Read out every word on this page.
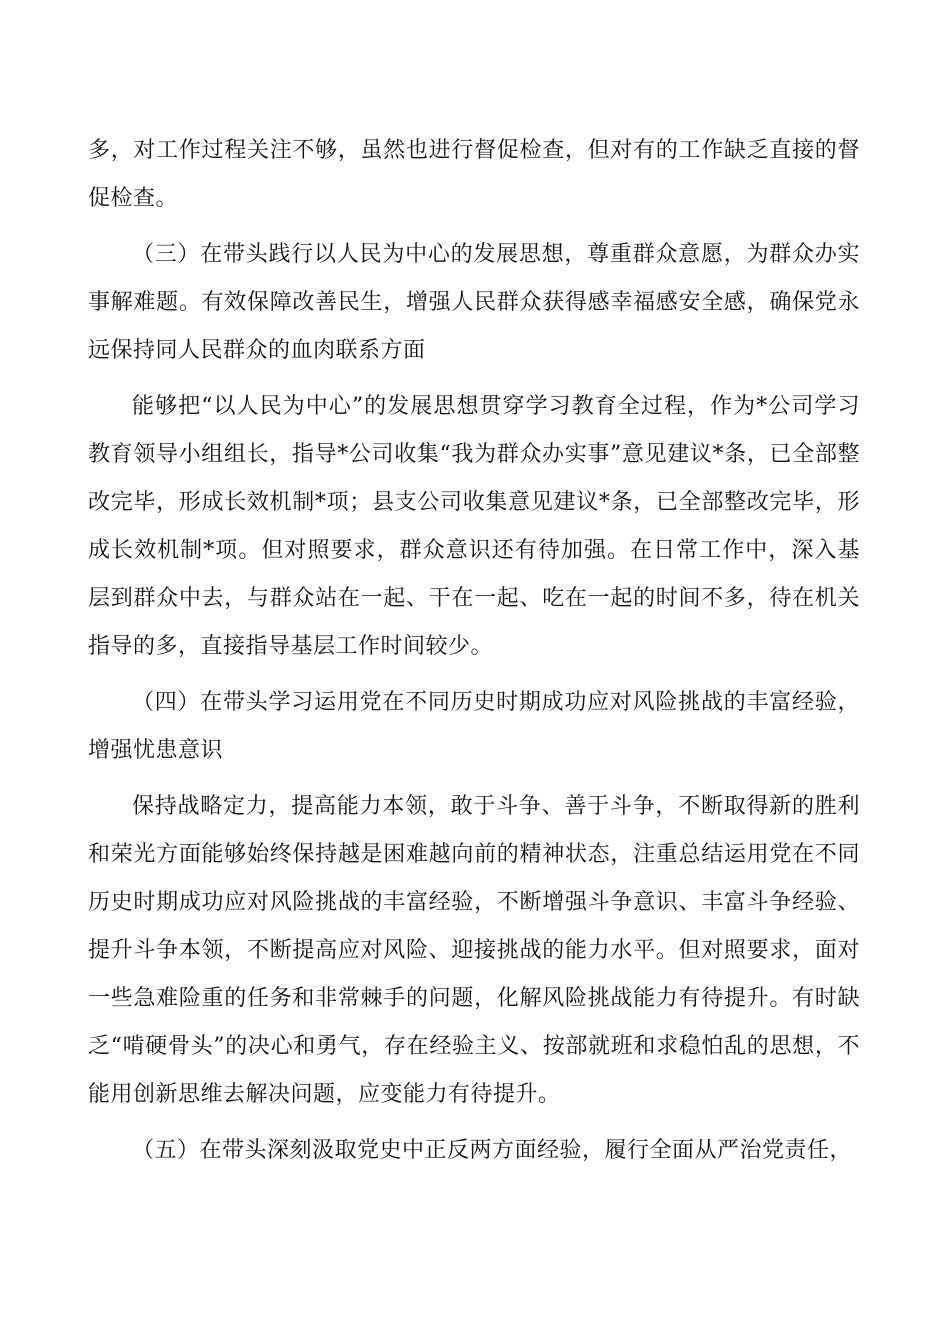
多，对工作过程关注不够，虽然也进行督促检查，但对有的工作缺乏直接的督促检查。

（三）在带头践行以人民为中心的发展思想，尊重群众意愿，为群众办实事解难题。有效保障改善民生，增强人民群众获得感幸福感安全感，确保党永远保持同人民群众的血肉联系方面

能够把“以人民为中心”的发展思想贯穿学习教育全过程，作为*公司学习教育领导小组组长，指导*公司收集“我为群众办实事”意见建议*条，已全部整改完毕，形成长效机制*项；县支公司收集意见建议*条，已全部整改完毕，形成长效机制*项。但对照要求，群众意识还有待加强。在日常工作中，深入基层到群众中去，与群众站在一起、干在一起、吃在一起的时间不多，待在机关指导的多，直接指导基层工作时间较少。

（四）在带头学习运用党在不同历史时期成功应对风险挑战的丰富经验，增强忧患意识

保持战略定力，提高能力本领，敢于斗争、善于斗争，不断取得新的胜利和荣光方面能够始终保持越是困难越向前的精神状态，注重总结运用党在不同历史时期成功应对风险挑战的丰富经验，不断增强斗争意识、丰富斗争经验、提升斗争本领，不断提高应对风险、迎接挑战的能力水平。但对照要求，面对一些急难险重的任务和非常棘手的问题，化解风险挑战能力有待提升。有时缺乏“啃硬骨头”的决心和勇气，存在经验主义、按部就班和求稳怕乱的思想，不能用创新思维去解决问题，应变能力有待提升。

（五）在带头深刻汲取党史中正反两方面经验，履行全面从严治党责任，
